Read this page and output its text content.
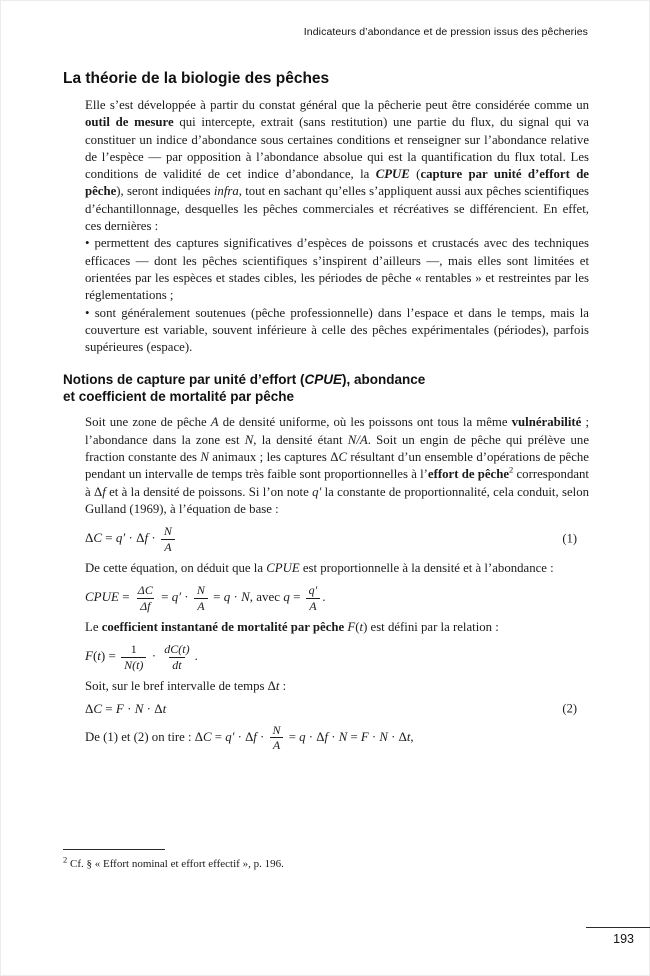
Indicateurs d’abondance et de pression issus des pêcheries
La théorie de la biologie des pêches

Elle s’est développée à partir du constat général que la pêcherie peut être considérée comme un outil de mesure qui intercepte, extrait (sans restitution) une partie du flux, du signal qui va constituer un indice d’abondance sous certaines conditions et renseigner sur l’abondance relative de l’espèce — par opposition à l’abondance absolue qui est la quantification du flux total. Les conditions de validité de cet indice d’abondance, la CPUE (capture par unité d’effort de pêche), seront indiquées infra, tout en sachant qu’elles s’appliquent aussi aux pêches scientifiques d’échantillonnage, desquelles les pêches commerciales et récréatives se différencient. En effet, ces dernières :

• permettent des captures significatives d’espèces de poissons et crustacés avec des techniques efficaces — dont les pêches scientifiques s’inspirent d’ailleurs —, mais elles sont limitées et orientées par les espèces et stades cibles, les périodes de pêche « rentables » et restreintes par les réglementations ;

• sont généralement soutenues (pêche professionnelle) dans l’espace et dans le temps, mais la couverture est variable, souvent inférieure à celle des pêches expérimentales (périodes), parfois supérieures (espace).

Notions de capture par unité d’effort (CPUE), abondance
et coefficient de mortalité par pêche

Soit une zone de pêche A de densité uniforme, où les poissons ont tous la même vulnérabilité ; l’abondance dans la zone est N, la densité étant N/A. Soit un engin de pêche qui prélève une fraction constante des N animaux ; les captures ΔC résultant d’un ensemble d’opérations de pêche pendant un intervalle de temps très faible sont proportionnelles à l’effort de pêche$^2$ correspondant à Δf et à la densité de poissons. Si l’on note q′ la constante de proportionnalité, cela conduit, selon Gulland (1969), à l’équation de base :

$\Delta C = q' \cdot \Delta f \cdot \frac{N}{A}$	(1)

De cette équation, on déduit que la CPUE est proportionnelle à la densité et à l’abondance :

CPUE = $\frac{\Delta C}{\Delta f} = q' \cdot \frac{N}{A} = q \cdot N$, avec $q = \frac{q'}{A}$ .

Le coefficient instantané de mortalité par pêche F(t) est défini par la relation :

$F(t) = \frac{1}{N(t)} \cdot \frac{dC(t)}{dt}$ .

Soit, sur le bref intervalle de temps Δt :

ΔC = F · N · Δt	(2)

De (1) et (2) on tire : $\Delta C = q' \cdot \Delta f \cdot \frac{N}{A} = q \cdot \Delta f \cdot N = F \cdot N \cdot \Delta t$,

$^2$ Cf. § « Effort nominal et effort effectif », p. 196.

193
